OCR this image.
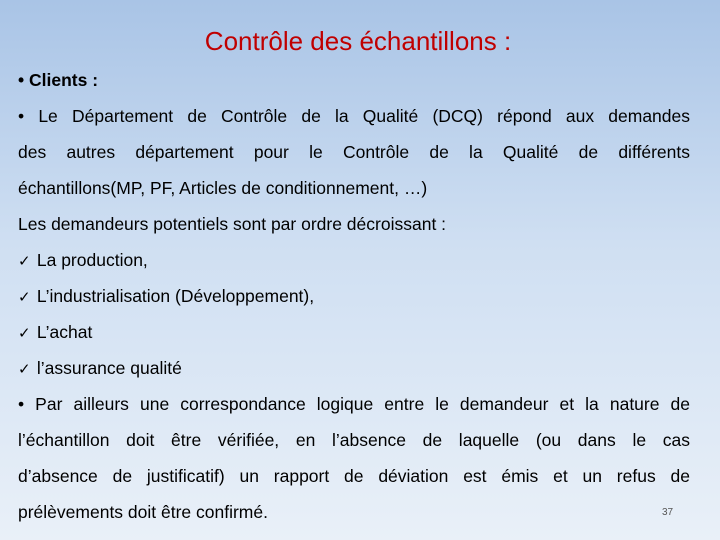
Contrôle des échantillons :
• Clients :
• Le Département de Contrôle de la Qualité (DCQ) répond aux demandes
des autres département pour le Contrôle de la Qualité de différents
échantillons(MP, PF, Articles de conditionnement, …)
Les demandeurs potentiels sont par ordre décroissant :
✓ La production,
✓ L’industrialisation (Développement),
✓ L’achat
✓ l’assurance qualité
• Par ailleurs une correspondance logique entre le demandeur et la nature de
l’échantillon doit être vérifiée, en l’absence de laquelle (ou dans le cas
d’absence de justificatif) un rapport de déviation est émis et un refus de
prélèvements doit être confirmé.	37
